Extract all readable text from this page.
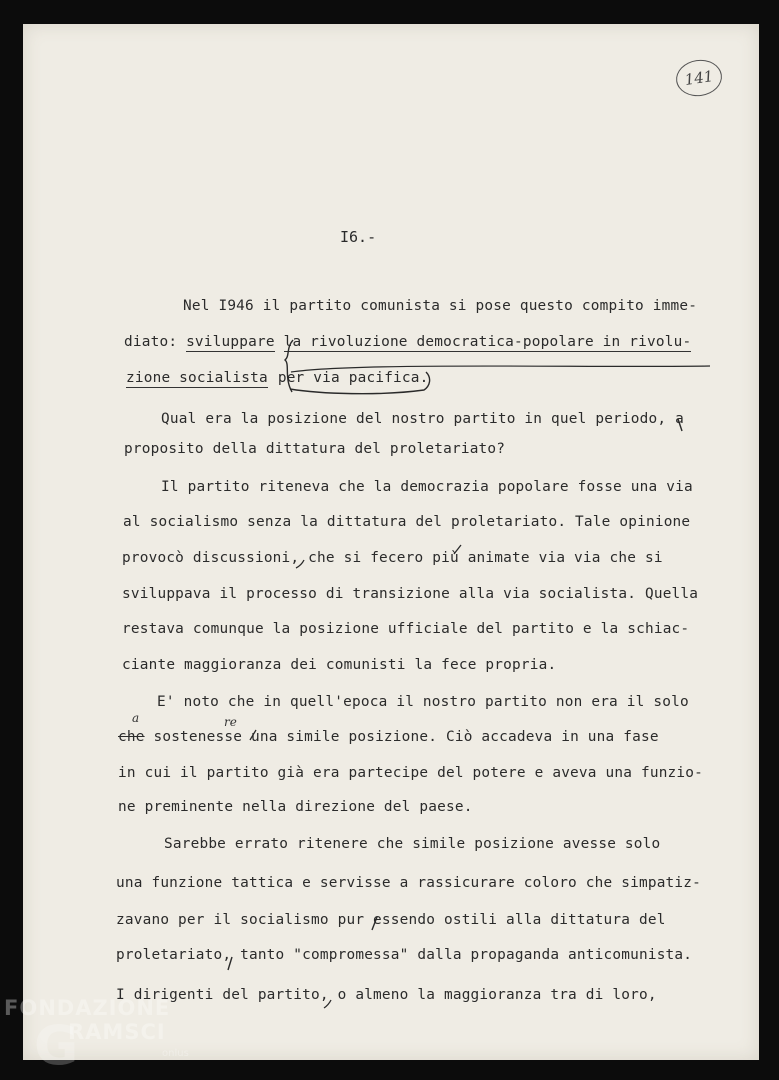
141
I6.-
Nel I946 il partito comunista si pose questo compito imme-
diato: sviluppare la rivoluzione democratica-popolare in rivolu-
zione socialista per via pacifica.
Qual era la posizione del nostro partito in quel periodo, a
proposito della dittatura del proletariato?
Il partito riteneva che la democrazia popolare fosse una via
al socialismo senza la dittatura del proletariato. Tale opinione
provocò discussioni, che si fecero più animate via via che si
sviluppava il processo di transizione alla via socialista. Quella
restava comunque la posizione ufficiale del partito e la schiac-
ciante maggioranza dei comunisti la fece propria.
E' noto che in quell'epoca il nostro partito non era il solo
che sostenesse una simile posizione. Ciò accadeva in una fase
a	re
in cui il partito già era partecipe del potere e aveva una funzio-
ne preminente nella direzione del paese.
Sarebbe errato ritenere che simile posizione avesse solo
una funzione tattica e servisse a rassicurare coloro che simpatiz-
zavano per il socialismo pur essendo ostili alla dittatura del
proletariato, tanto "compromessa" dalla propaganda anticomunista.
I dirigenti del partito, o almeno la maggioranza tra di loro,
FONDAZIONE
G
RAMSCI
onlus
